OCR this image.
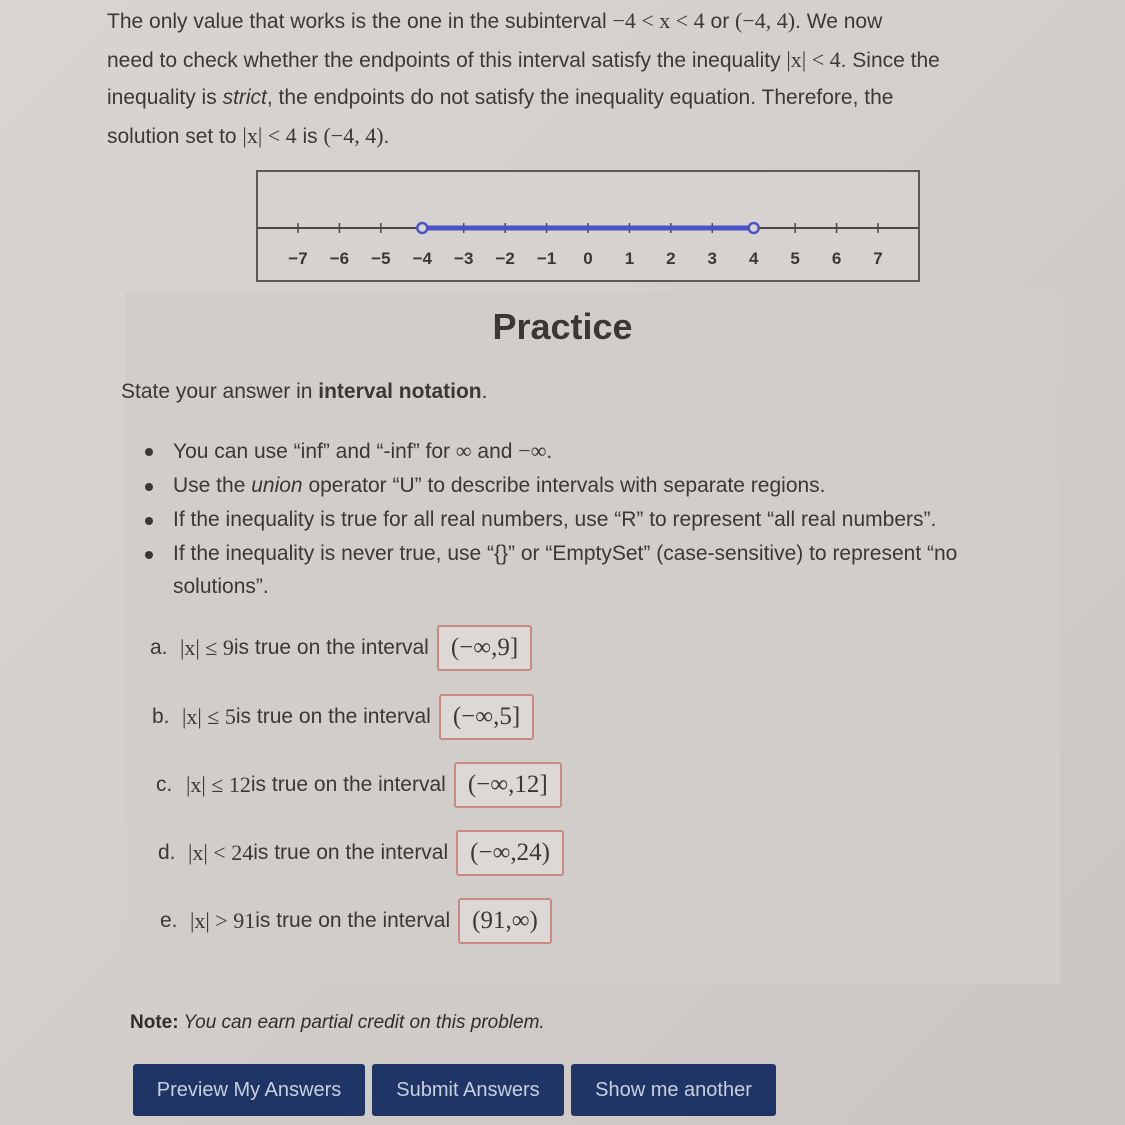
The only value that works is the one in the subinterval −4 < x < 4 or (−4, 4). We now
need to check whether the endpoints of this interval satisfy the inequality |x| < 4. Since the
inequality is strict, the endpoints do not satisfy the inequality equation. Therefore, the
solution set to |x| < 4 is (−4, 4).
−7 −6 −5 −4 −3 −2 −1 0 1 2 3 4 5 6 7
Practice
State your answer in interval notation.
You can use “inf” and “-inf” for ∞ and −∞.
Use the union operator “U” to describe intervals with separate regions.
If the inequality is true for all real numbers, use “R” to represent “all real numbers”.
If the inequality is never true, use “{}” or “EmptySet” (case-sensitive) to represent “no
solutions”.
a. |x| ≤ 9 is true on the interval (−∞,9]
b. |x| ≤ 5 is true on the interval (−∞,5]
c. |x| ≤ 12 is true on the interval (−∞,12]
d. |x| < 24 is true on the interval (−∞,24)
e. |x| > 91 is true on the interval (91,∞)
Note: You can earn partial credit on this problem.
Preview My Answers	Submit Answers	Show me another
